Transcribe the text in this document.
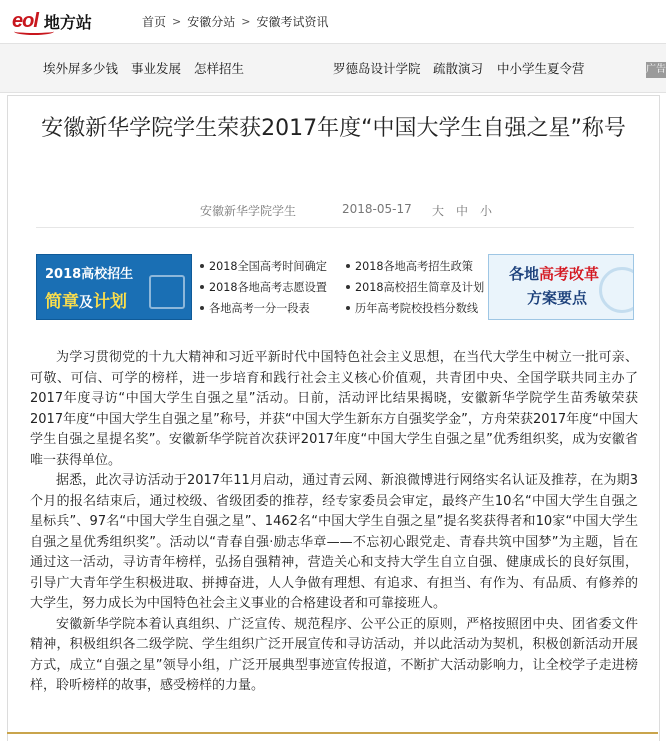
eol 地方站	首页 > 安徽分站 > 安徽考试资讯
埃外屏多少钱 事业发展 怎样招生	罗德岛设计学院 疏散演习 中小学生夏令营	广告
安徽新华学院学生荣获2017年度“中国大学生自强之星”称号
安徽新华学院学生	2018-05-17 大 中 小
2018高校招生
简章及计划
2018全国高考时间确定	2018各地高考招生政策
2018各地高考志愿设置	2018高校招生简章及计划
各地高考一分一段表	历年高考院校投档分数线
各地高考改革
方案要点

为学习贯彻党的十九大精神和习近平新时代中国特色社会主义思想，在当代大学生中树立一批可亲、可敬、可信、可学的榜样，进一步培育和践行社会主义核心价值观，共青团中央、全国学联共同主办了2017年度寻访“中国大学生自强之星”活动。日前，活动评比结果揭晓，安徽新华学院学生苗秀敏荣获2017年度“中国大学生自强之星”称号，并获“中国大学生新东方自强奖学金”，方舟荣获2017年度“中国大学生自强之星提名奖”。安徽新华学院首次获评2017年度“中国大学生自强之星”优秀组织奖，成为安徽省唯一获得单位。

据悉，此次寻访活动于2017年11月启动，通过青云网、新浪微博进行网络实名认证及推荐，在为期3个月的报名结束后，通过校级、省级团委的推荐，经专家委员会审定，最终产生10名“中国大学生自强之星标兵”、97名“中国大学生自强之星”、1462名“中国大学生自强之星”提名奖获得者和10家“中国大学生自强之星优秀组织奖”。活动以“青春自强·励志华章——不忘初心跟党走、青春共筑中国梦”为主题，旨在通过这一活动，寻访青年榜样，弘扬自强精神，营造关心和支持大学生自立自强、健康成长的良好氛围，引导广大青年学生积极进取、拼搏奋进，人人争做有理想、有追求、有担当、有作为、有品质、有修养的大学生，努力成长为中国特色社会主义事业的合格建设者和可靠接班人。

安徽新华学院本着认真组织、广泛宣传、规范程序、公平公正的原则，严格按照团中央、团省委文件精神，积极组织各二级学院、学生组织广泛开展宣传和寻访活动，并以此活动为契机，积极创新活动开展方式，成立“自强之星”领导小组，广泛开展典型事迹宣传报道，不断扩大活动影响力，让全校学子走进榜样，聆听榜样的故事，感受榜样的力量。
